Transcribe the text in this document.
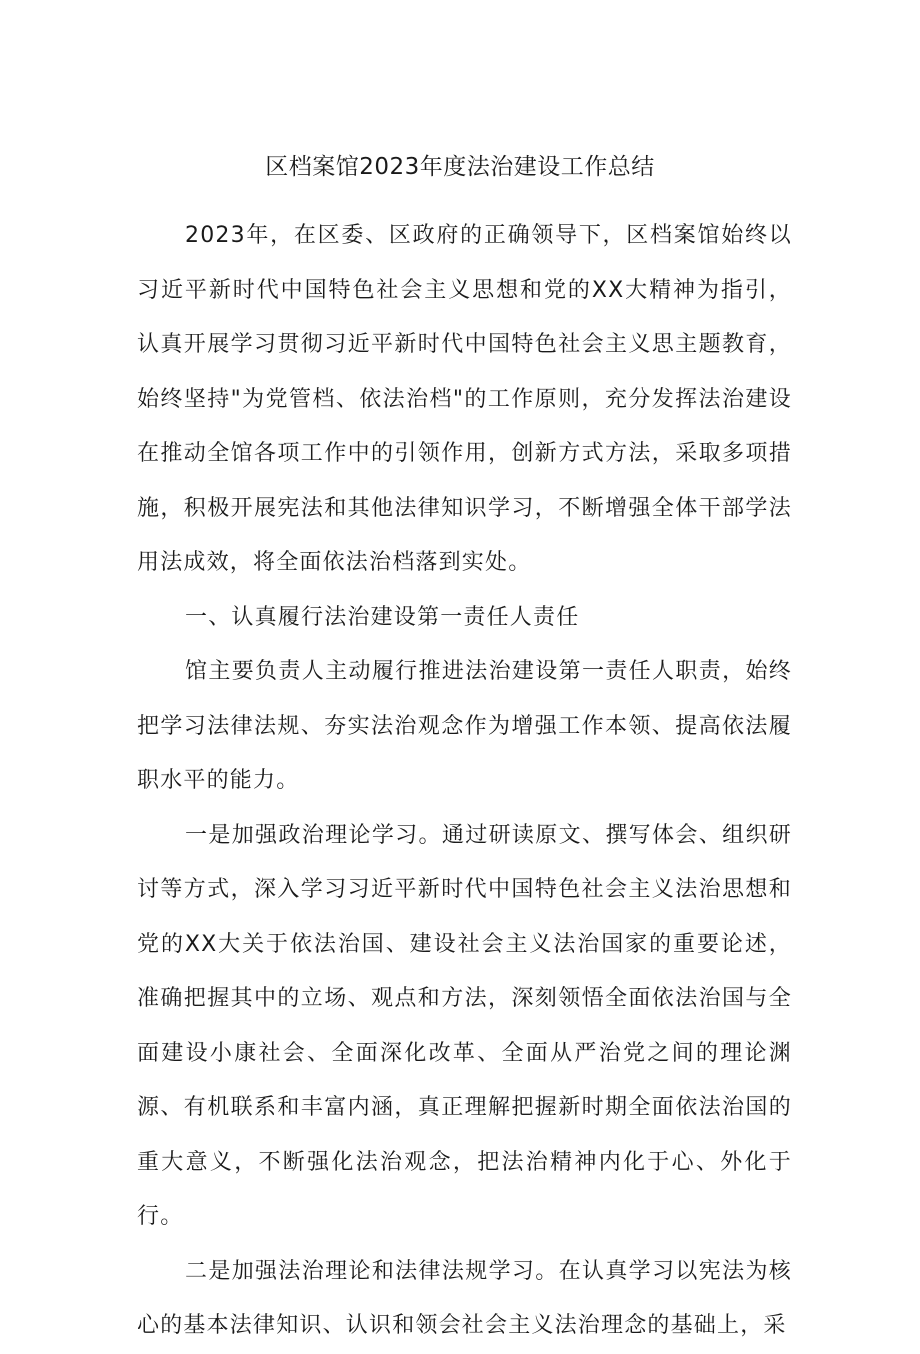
区档案馆2023年度法治建设工作总结

2023年，在区委、区政府的正确领导下，区档案馆始终以习近平新时代中国特色社会主义思想和党的XX大精神为指引，认真开展学习贯彻习近平新时代中国特色社会主义思主题教育，始终坚持"为党管档、依法治档"的工作原则，充分发挥法治建设在推动全馆各项工作中的引领作用，创新方式方法，采取多项措施，积极开展宪法和其他法律知识学习，不断增强全体干部学法用法成效，将全面依法治档落到实处。

一、认真履行法治建设第一责任人责任

馆主要负责人主动履行推进法治建设第一责任人职责，始终把学习法律法规、夯实法治观念作为增强工作本领、提高依法履职水平的能力。

一是加强政治理论学习。通过研读原文、撰写体会、组织研讨等方式，深入学习习近平新时代中国特色社会主义法治思想和党的XX大关于依法治国、建设社会主义法治国家的重要论述，准确把握其中的立场、观点和方法，深刻领悟全面依法治国与全面建设小康社会、全面深化改革、全面从严治党之间的理论渊源、有机联系和丰富内涵，真正理解把握新时期全面依法治国的重大意义，不断强化法治观念，把法治精神内化于心、外化于行。

二是加强法治理论和法律法规学习。在认真学习以宪法为核心的基本法律知识、认识和领会社会主义法治理念的基础上，采
